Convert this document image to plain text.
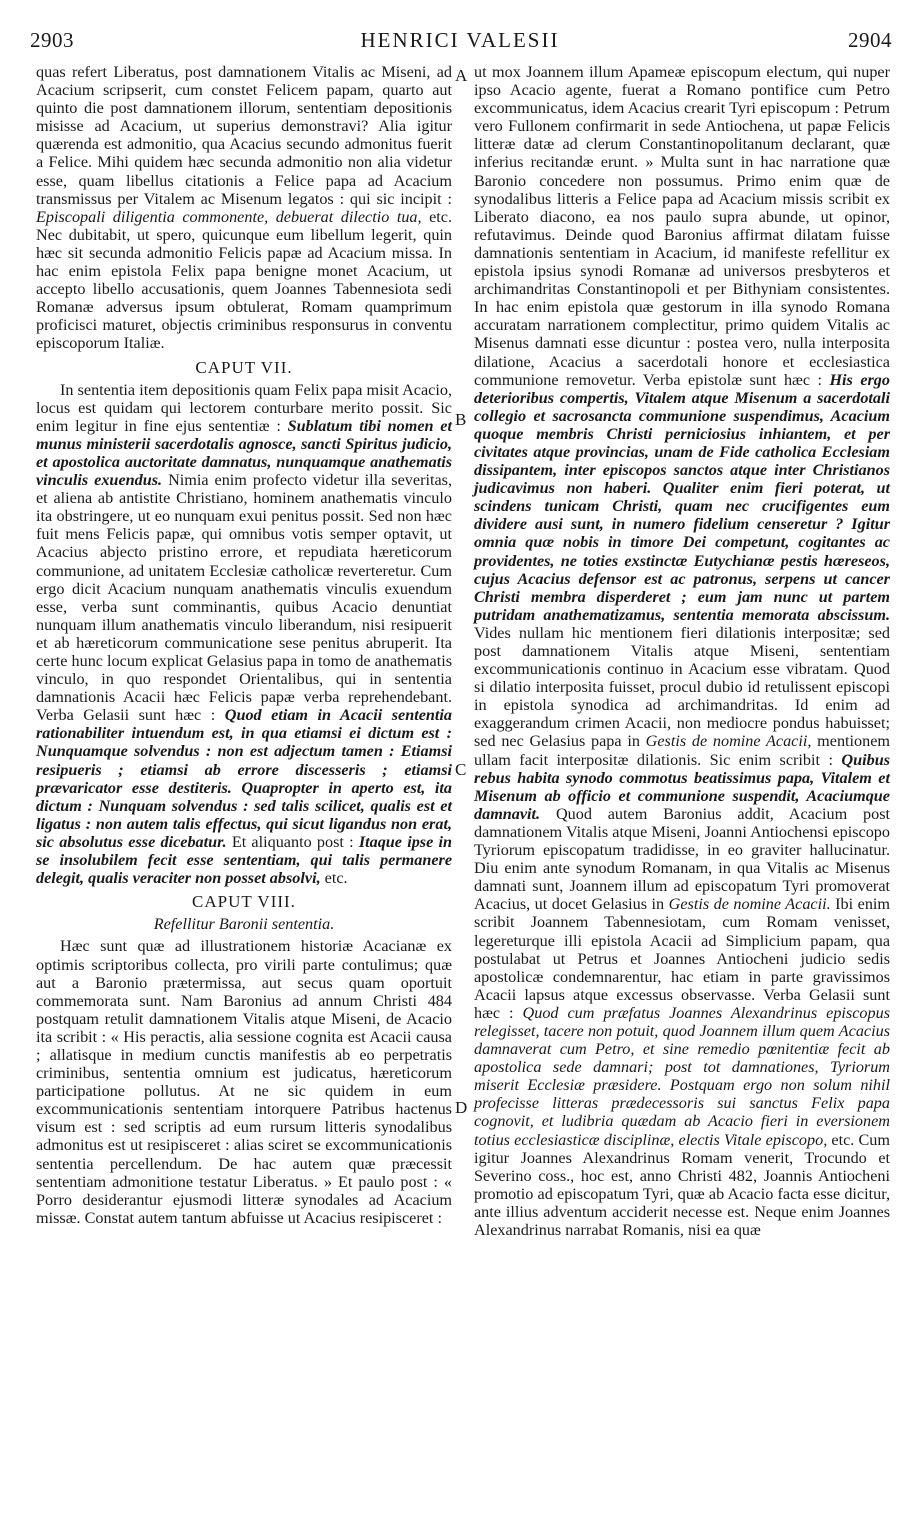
2903	HENRICI VALESII	2904
A
B
C
D

quas refert Liberatus, post damnationem Vitalis ac Miseni, ad Acacium scripserit, cum constet Felicem papam, quarto aut quinto die post damnationem illorum, sententiam depositionis misisse ad Acacium, ut superius demonstravi? Alia igitur quærenda est admonitio, qua Acacius secundo admonitus fuerit a Felice. Mihi quidem hæc secunda admonitio non alia videtur esse, quam libellus citationis a Felice papa ad Acacium transmissus per Vitalem ac Misenum legatos : qui sic incipit : Episcopali diligentia commonente, debuerat dilectio tua, etc. Nec dubitabit, ut spero, quicunque eum libellum legerit, quin hæc sit secunda admonitio Felicis papæ ad Acacium missa. In hac enim epistola Felix papa benigne monet Acacium, ut accepto libello accusationis, quem Joannes Tabennesiota sedi Romanæ adversus ipsum obtulerat, Romam quamprimum proficisci maturet, objectis criminibus responsurus in conventu episcoporum Italiæ.

CAPUT VII.

In sententia item depositionis quam Felix papa misit Acacio, locus est quidam qui lectorem conturbare merito possit. Sic enim legitur in fine ejus sententiæ : Sublatum tibi nomen et munus ministerii sacerdotalis agnosce, sancti Spiritus judicio, et apostolica auctoritate damnatus, nunquamque anathematis vinculis exuendus. Nimia enim profecto videtur illa severitas, et aliena ab antistite Christiano, hominem anathematis vinculo ita obstringere, ut eo nunquam exui penitus possit. Sed non hæc fuit mens Felicis papæ, qui omnibus votis semper optavit, ut Acacius abjecto pristino errore, et repudiata hæreticorum communione, ad unitatem Ecclesiæ catholicæ reverteretur. Cum ergo dicit Acacium nunquam anathematis vinculis exuendum esse, verba sunt comminantis, quibus Acacio denuntiat nunquam illum anathematis vinculo liberandum, nisi resipuerit et ab hæreticorum communicatione sese penitus abruperit. Ita certe hunc locum explicat Gelasius papa in tomo de anathematis vinculo, in quo respondet Orientalibus, qui in sententia damnationis Acacii hæc Felicis papæ verba reprehendebant. Verba Gelasii sunt hæc : Quod etiam in Acacii sententia rationabiliter intuendum est, in qua etiamsi ei dictum est : Nunquamque solvendus : non est adjectum tamen : Etiamsi resipueris ; etiamsi ab errore discesseris ; etiamsi prævaricator esse destiteris. Quapropter in aperto est, ita dictum : Nunquam solvendus : sed talis scilicet, qualis est et ligatus : non autem talis effectus, qui sicut ligandus non erat, sic absolutus esse dicebatur. Et aliquanto post : Itaque ipse in se insolubilem fecit esse sententiam, qui talis permanere delegit, qualis veraciter non posset absolvi, etc.

CAPUT VIII.
Refellitur Baronii sententia.

Hæc sunt quæ ad illustrationem historiæ Acacianæ ex optimis scriptoribus collecta, pro virili parte contulimus; quæ aut a Baronio prætermissa, aut secus quam oportuit commemorata sunt. Nam Baronius ad annum Christi 484 postquam retulit damnationem Vitalis atque Miseni, de Acacio ita scribit : « His peractis, alia sessione cognita est Acacii causa ; allatisque in medium cunctis manifestis ab eo perpetratis criminibus, sententia omnium est judicatus, hæreticorum participatione pollutus. At ne sic quidem in eum excommunicationis sententiam intorquere Patribus hactenus visum est : sed scriptis ad eum rursum litteris synodalibus admonitus est ut resipisceret : alias sciret se excommunicationis sententia percellendum. De hac autem quæ præcessit sententiam admonitione testatur Liberatus. » Et paulo post : « Porro desiderantur ejusmodi litteræ synodales ad Acacium missæ. Constat autem tantum abfuisse ut Acacius resipisceret :

ut mox Joannem illum Apameæ episcopum electum, qui nuper ipso Acacio agente, fuerat a Romano pontifice cum Petro excommunicatus, idem Acacius crearit Tyri episcopum : Petrum vero Fullonem confirmarit in sede Antiochena, ut papæ Felicis litteræ datæ ad clerum Constantinopolitanum declarant, quæ inferius recitandæ erunt. » Multa sunt in hac narratione quæ Baronio concedere non possumus. Primo enim quæ de synodalibus litteris a Felice papa ad Acacium missis scribit ex Liberato diacono, ea nos paulo supra abunde, ut opinor, refutavimus. Deinde quod Baronius affirmat dilatam fuisse damnationis sententiam in Acacium, id manifeste refellitur ex epistola ipsius synodi Romanæ ad universos presbyteros et archimandritas Constantinopoli et per Bithyniam consistentes. In hac enim epistola quæ gestorum in illa synodo Romana accuratam narrationem complectitur, primo quidem Vitalis ac Misenus damnati esse dicuntur : postea vero, nulla interposita dilatione, Acacius a sacerdotali honore et ecclesiastica communione removetur. Verba epistolæ sunt hæc : His ergo deterioribus compertis, Vitalem atque Misenum a sacerdotali collegio et sacrosancta communione suspendimus, Acacium quoque membris Christi perniciosius inhiantem, et per civitates atque provincias, unam de Fide catholica Ecclesiam dissipantem, inter episcopos sanctos atque inter Christianos judicavimus non haberi. Qualiter enim fieri poterat, ut scindens tunicam Christi, quam nec crucifigentes eum dividere ausi sunt, in numero fidelium censeretur ? Igitur omnia quæ nobis in timore Dei competunt, cogitantes ac providentes, ne toties exstinctæ Eutychianæ pestis hæreseos, cujus Acacius defensor est ac patronus, serpens ut cancer Christi membra disperderet ; eum jam nunc ut partem putridam anathematizamus, sententia memorata abscissum. Vides nullam hic mentionem fieri dilationis interpositæ; sed post damnationem Vitalis atque Miseni, sententiam excommunicationis continuo in Acacium esse vibratam. Quod si dilatio interposita fuisset, procul dubio id retulissent episcopi in epistola synodica ad archimandritas. Id enim ad exaggerandum crimen Acacii, non mediocre pondus habuisset; sed nec Gelasius papa in Gestis de nomine Acacii, mentionem ullam facit interpositæ dilationis. Sic enim scribit : Quibus rebus habita synodo commotus beatissimus papa, Vitalem et Misenum ab officio et communione suspendit, Acaciumque damnavit. Quod autem Baronius addit, Acacium post damnationem Vitalis atque Miseni, Joanni Antiochensi episcopo Tyriorum episcopatum tradidisse, in eo graviter hallucinatur. Diu enim ante synodum Romanam, in qua Vitalis ac Misenus damnati sunt, Joannem illum ad episcopatum Tyri promoverat Acacius, ut docet Gelasius in Gestis de nomine Acacii. Ibi enim scribit Joannem Tabennesiotam, cum Romam venisset, legereturque illi epistola Acacii ad Simplicium papam, qua postulabat ut Petrus et Joannes Antiocheni judicio sedis apostolicæ condemnarentur, hac etiam in parte gravissimos Acacii lapsus atque excessus observasse. Verba Gelasii sunt hæc : Quod cum præfatus Joannes Alexandrinus episcopus relegisset, tacere non potuit, quod Joannem illum quem Acacius damnaverat cum Petro, et sine remedio pœnitentiæ fecit ab apostolica sede damnari; post tot damnationes, Tyriorum miserit Ecclesiæ præsidere. Postquam ergo non solum nihil profecisse litteras prædecessoris sui sanctus Felix papa cognovit, et ludibria quædam ab Acacio fieri in eversionem totius ecclesiasticæ disciplinæ, electis Vitale episcopo, etc. Cum igitur Joannes Alexandrinus Romam venerit, Trocundo et Severino coss., hoc est, anno Christi 482, Joannis Antiocheni promotio ad episcopatum Tyri, quæ ab Acacio facta esse dicitur, ante illius adventum acciderit necesse est. Neque enim Joannes Alexandrinus narrabat Romanis, nisi ea quæ
